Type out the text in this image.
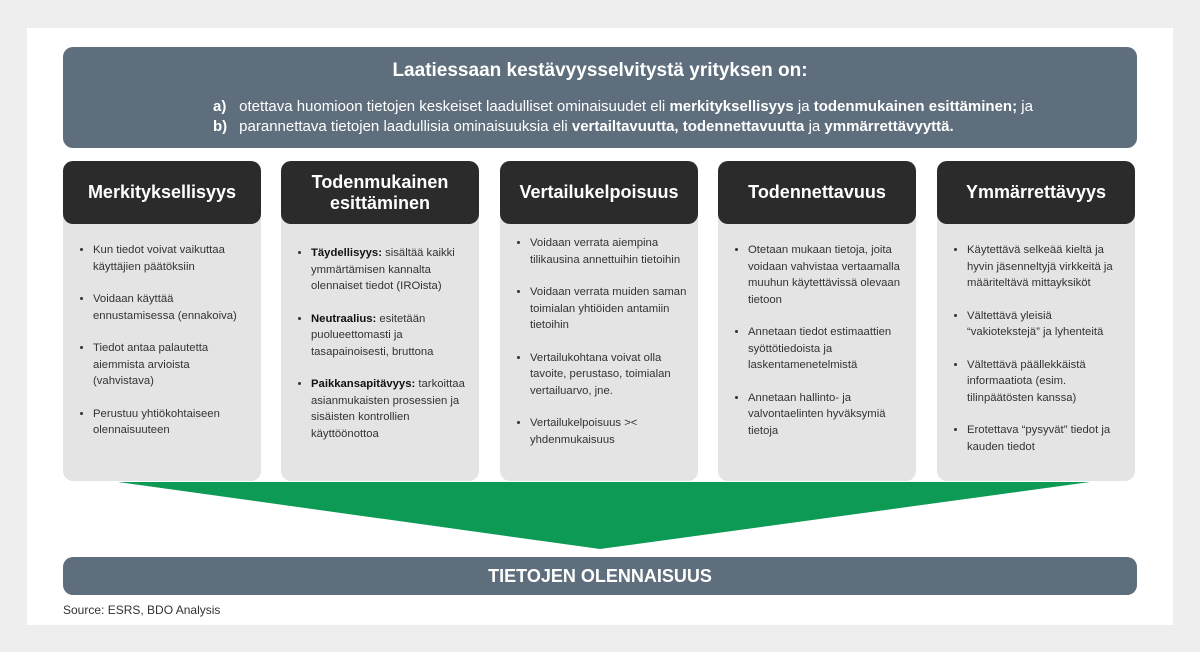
Laatiessaan kestävyysselvitystä yrityksen on:
a) otettava huomioon tietojen keskeiset laadulliset ominaisuudet eli merkityksellisyys ja todenmukainen esittäminen; ja
b) parannettava tietojen laadullisia ominaisuuksia eli vertailtavuutta, todennettavuutta ja ymmärrettävyyttä.
Merkityksellisyys
• Kun tiedot voivat vaikuttaa käyttäjien päätöksiin
• Voidaan käyttää ennustamisessa (ennakoiva)
• Tiedot antaa palautetta aiemmista arvioista (vahvistava)
• Perustuu yhtiökohtaiseen olennaisuuteen
Todenmukainen esittäminen
• Täydellisyys: sisältää kaikki ymmärtämisen kannalta olennaiset tiedot (IROista)
• Neutraalius: esitetään puolueettomasti ja tasapainoisesti, bruttona
• Paikkansapitävyys: tarkoittaa asianmukaisten prosessien ja sisäisten kontrollien käyttöönottoa
Vertailukelpoisuus
• Voidaan verrata aiempina tilikausina annettuihin tietoihin
• Voidaan verrata muiden saman toimialan yhtiöiden antamiin tietoihin
• Vertailukohtana voivat olla tavoite, perustaso, toimialan vertailuarvo, jne.
• Vertailukelpoisuus >< yhdenmukaisuus
Todennettavuus
• Otetaan mukaan tietoja, joita voidaan vahvistaa vertaamalla muuhun käytettävissä olevaan tietoon
• Annetaan tiedot estimaattien syöttötiedoista ja laskentamenetelmistä
• Annetaan hallinto- ja valvontaelinten hyväksymiä tietoja
Ymmärrettävyys
• Käytettävä selkeää kieltä ja hyvin jäsenneltyjä virkkeitä ja määriteltävä mittayksiköt
• Vältettävä yleisiä “vakiotekstejä” ja lyhenteitä
• Vältettävä päällekkäistä informaatiota (esim. tilinpäätösten kanssa)
• Erotettava “pysyvät” tiedot ja kauden tiedot
TIETOJEN OLENNAISUUS
Source: ESRS, BDO Analysis
